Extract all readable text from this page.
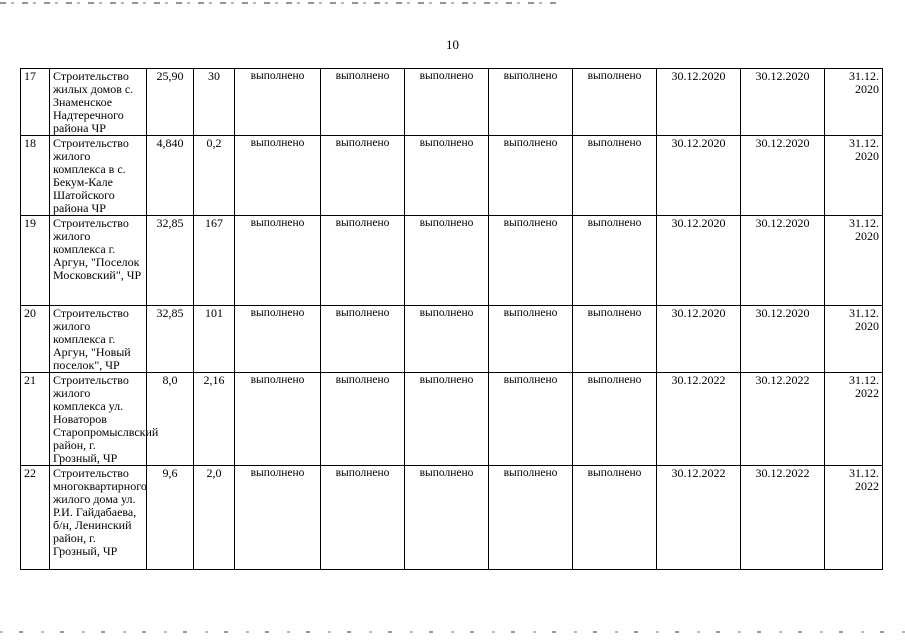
10
17	Строительство жилых домов с. Знаменское Надтеречного района ЧР	25,90	30	выполнено	выполнено	выполнено	выполнено	выполнено	30.12.2020	30.12.2020	31.12. 2020
18	Строительство жилого комплекса в с. Бекум-Кале Шатойского района ЧР	4,840	0,2	выполнено	выполнено	выполнено	выполнено	выполнено	30.12.2020	30.12.2020	31.12. 2020
19	Строительство жилого комплекса г. Аргун, "Поселок Московский", ЧР	32,85	167	выполнено	выполнено	выполнено	выполнено	выполнено	30.12.2020	30.12.2020	31.12. 2020
20	Строительство жилого комплекса г. Аргун, "Новый поселок", ЧР	32,85	101	выполнено	выполнено	выполнено	выполнено	выполнено	30.12.2020	30.12.2020	31.12. 2020
21	Строительство жилого комплекса ул. Новаторов Старопромыслвский район, г. Грозный, ЧР	8,0	2,16	выполнено	выполнено	выполнено	выполнено	выполнено	30.12.2022	30.12.2022	31.12. 2022
22	Строительство многоквартирного жилого дома ул. Р.И. Гайдабаева, б/н, Ленинский район, г. Грозный, ЧР	9,6	2,0	выполнено	выполнено	выполнено	выполнено	выполнено	30.12.2022	30.12.2022	31.12. 2022
